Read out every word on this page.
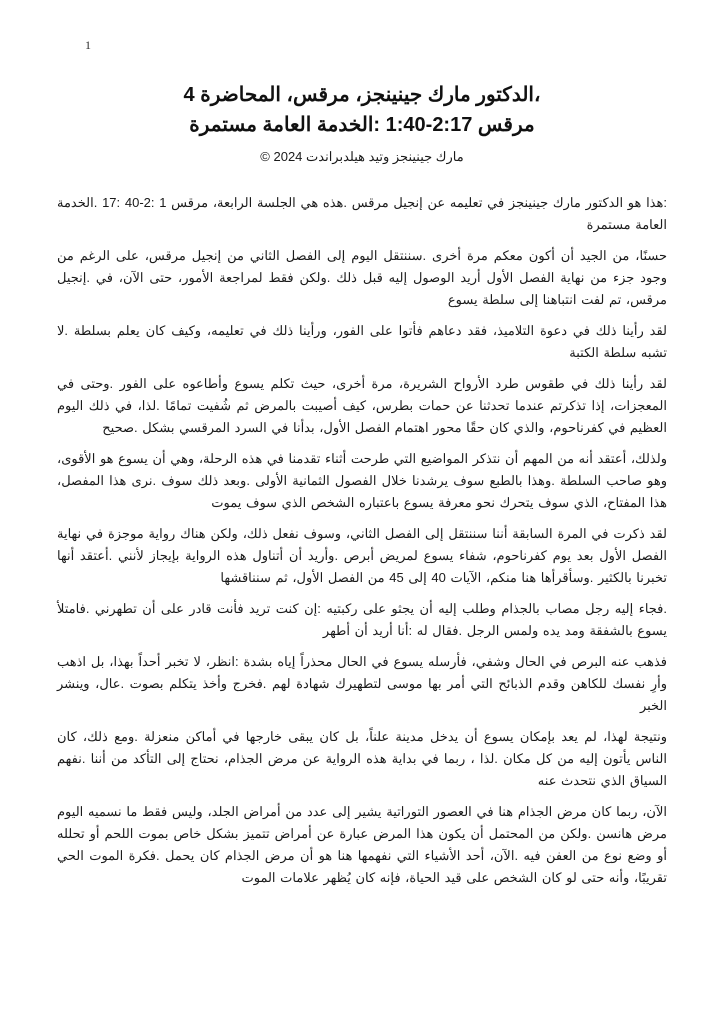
1
،الدكتور مارك جينينجز، مرقس، المحاضرة 4
مرقس 2:17-1:40 :الخدمة العامة مستمرة
مارك جينينجز وتيد هيلدبراندت 2024 ©

:هذا هو الدكتور مارك جينينجز في تعليمه عن إنجيل مرقس .هذه هي الجلسة الرابعة، مرقس 1 :2-40 :17 .الخدمة العامة مستمرة

حسنًا، من الجيد أن أكون معكم مرة أخرى .سننتقل اليوم إلى الفصل الثاني من إنجيل مرقس، على الرغم من وجود جزء من نهاية الفصل الأول أريد الوصول إليه قبل ذلك .ولكن فقط لمراجعة الأمور، حتى الآن، في .إنجيل مرقس، تم لفت انتباهنا إلى سلطة يسوع

لقد رأينا ذلك في دعوة التلاميذ، فقد دعاهم فأتوا على الفور، ورأينا ذلك في تعليمه، وكيف كان يعلم بسلطة .لا تشبه سلطة الكتبة

لقد رأينا ذلك في طقوس طرد الأرواح الشريرة، مرة أخرى، حيث تكلم يسوع وأطاعوه على الفور .وحتى في المعجزات، إذا تذكرتم عندما تحدثنا عن حمات بطرس، كيف أصيبت بالمرض ثم شُفيت تمامًا .لذا، في ذلك اليوم العظيم في كفرناحوم، والذي كان حقًا محور اهتمام الفصل الأول، بدأنا في السرد المرقسي بشكل .صحيح

ولذلك، أعتقد أنه من المهم أن نتذكر المواضيع التي طرحت أثناء تقدمنا في هذه الرحلة، وهي أن يسوع هو الأقوى، وهو صاحب السلطة .وهذا بالطبع سوف يرشدنا خلال الفصول الثمانية الأولى .وبعد ذلك سوف .نرى هذا المفصل، هذا المفتاح، الذي سوف يتحرك نحو معرفة يسوع باعتباره الشخص الذي سوف يموت

لقد ذكرت في المرة السابقة أننا سننتقل إلى الفصل الثاني، وسوف نفعل ذلك، ولكن هناك رواية موجزة في نهاية الفصل الأول بعد يوم كفرناحوم، شفاء يسوع لمريض أبرص .وأريد أن أتناول هذه الرواية بإيجاز لأنني .أعتقد أنها تخبرنا بالكثير .وسأقرأها هنا منكم، الآيات 40 إلى 45 من الفصل الأول، ثم سنناقشها

.فجاء إليه رجل مصاب بالجذام وطلب إليه أن يجثو على ركبتيه :إن كنت تريد فأنت قادر على أن تطهرني .فامتلأ يسوع بالشفقة ومد يده ولمس الرجل .فقال له :أنا أريد أن أطهر

فذهب عنه البرص في الحال وشفي، فأرسله يسوع في الحال محذراً إياه بشدة :انظر، لا تخبر أحداً بهذا، بل اذهب وأرِ نفسك للكاهن وقدم الذبائح التي أمر بها موسى لتطهيرك شهادة لهم .فخرج وأخذ يتكلم بصوت .عال، وينشر الخبر

ونتيجة لهذا، لم يعد بإمكان يسوع أن يدخل مدينة علناً، بل كان يبقى خارجها في أماكن منعزلة .ومع ذلك، كان الناس يأتون إليه من كل مكان .لذا ، ربما في بداية هذه الرواية عن مرض الجذام، نحتاج إلى التأكد من أننا .نفهم السياق الذي نتحدث عنه

الآن، ربما كان مرض الجذام هنا في العصور التوراتية يشير إلى عدد من أمراض الجلد، وليس فقط ما نسميه اليوم مرض هانسن .ولكن من المحتمل أن يكون هذا المرض عبارة عن أمراض تتميز بشكل خاص بموت اللحم أو تحلله أو وضع نوع من العفن فيه .الآن، أحد الأشياء التي نفهمها هنا هو أن مرض الجذام كان يحمل .فكرة الموت الحي تقريبًا، وأنه حتى لو كان الشخص على قيد الحياة، فإنه كان يُظهر علامات الموت
